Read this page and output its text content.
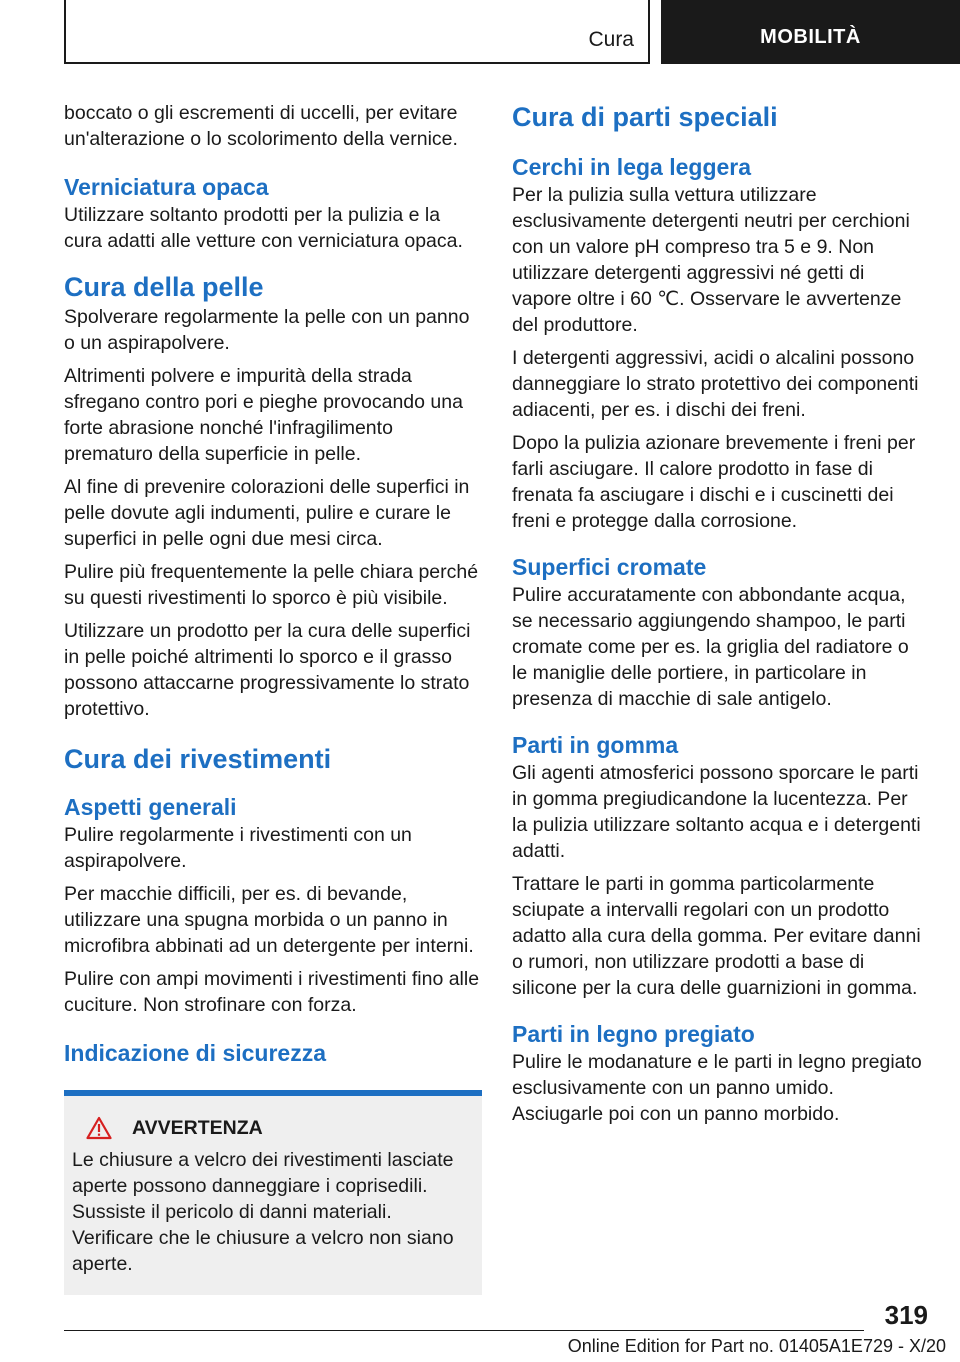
Cura	MOBILITÀ

boccato o gli escrementi di uccelli, per evitare un'alterazione o lo scolorimento della vernice.

Verniciatura opaca

Utilizzare soltanto prodotti per la pulizia e la cura adatti alle vetture con verniciatura opaca.

Cura della pelle

Spolverare regolarmente la pelle con un panno o un aspirapolvere.

Altrimenti polvere e impurità della strada sfregano contro pori e pieghe provocando una forte abrasione nonché l'infragilimento prematuro della superficie in pelle.

Al fine di prevenire colorazioni delle superfici in pelle dovute agli indumenti, pulire e curare le superfici in pelle ogni due mesi circa.

Pulire più frequentemente la pelle chiara perché su questi rivestimenti lo sporco è più visibile.

Utilizzare un prodotto per la cura delle superfici in pelle poiché altrimenti lo sporco e il grasso possono attaccarne progressivamente lo strato protettivo.

Cura dei rivestimenti
Aspetti generali

Pulire regolarmente i rivestimenti con un aspirapolvere.

Per macchie difficili, per es. di bevande, utilizzare una spugna morbida o un panno in microfibra abbinati ad un detergente per interni.

Pulire con ampi movimenti i rivestimenti fino alle cuciture. Non strofinare con forza.

Indicazione di sicurezza
AVVERTENZA

Le chiusure a velcro dei rivestimenti lasciate aperte possono danneggiare i coprisedili. Sussiste il pericolo di danni materiali. Verificare che le chiusure a velcro non siano aperte.

Cura di parti speciali
Cerchi in lega leggera

Per la pulizia sulla vettura utilizzare esclusivamente detergenti neutri per cerchioni con un valore pH compreso tra 5 e 9. Non utilizzare detergenti aggressivi né getti di vapore oltre i 60 ℃. Osservare le avvertenze del produttore.

I detergenti aggressivi, acidi o alcalini possono danneggiare lo strato protettivo dei componenti adiacenti, per es. i dischi dei freni.

Dopo la pulizia azionare brevemente i freni per farli asciugare. Il calore prodotto in fase di frenata fa asciugare i dischi e i cuscinetti dei freni e protegge dalla corrosione.

Superfici cromate

Pulire accuratamente con abbondante acqua, se necessario aggiungendo shampoo, le parti cromate come per es. la griglia del radiatore o le maniglie delle portiere, in particolare in presenza di macchie di sale antigelo.

Parti in gomma

Gli agenti atmosferici possono sporcare le parti in gomma pregiudicandone la lucentezza. Per la pulizia utilizzare soltanto acqua e i detergenti adatti.

Trattare le parti in gomma particolarmente sciupate a intervalli regolari con un prodotto adatto alla cura della gomma. Per evitare danni o rumori, non utilizzare prodotti a base di silicone per la cura delle guarnizioni in gomma.

Parti in legno pregiato

Pulire le modanature e le parti in legno pregiato esclusivamente con un panno umido. Asciugarle poi con un panno morbido.

319
Online Edition for Part no. 01405A1E729 - X/20
